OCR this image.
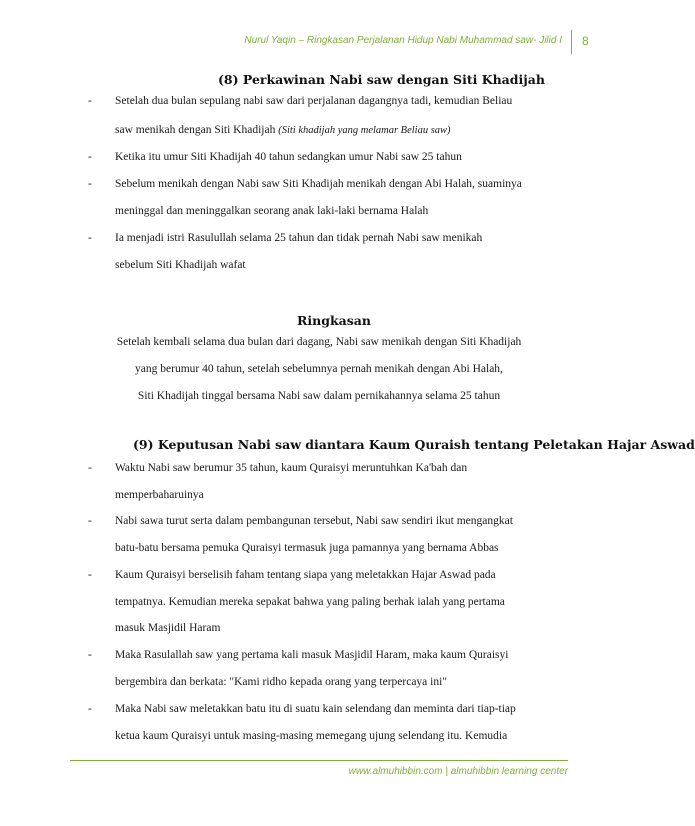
Nurul Yaqin – Ringkasan Perjalanan Hidup Nabi Muhammad saw- Jilid I 8
(8) Perkawinan Nabi saw dengan Siti Khadijah
- Setelah dua bulan sepulang nabi saw dari perjalanan dagangnya tadi, kemudian Beliau
saw menikah dengan Siti Khadijah (Siti khadijah yang melamar Beliau saw)
- Ketika itu umur Siti Khadijah 40 tahun sedangkan umur Nabi saw 25 tahun
- Sebelum menikah dengan Nabi saw Siti Khadijah menikah dengan Abi Halah, suaminya
meninggal dan meninggalkan seorang anak laki-laki bernama Halah
- Ia menjadi istri Rasulullah selama 25 tahun dan tidak pernah Nabi saw menikah
sebelum Siti Khadijah wafat
Ringkasan
Setelah kembali selama dua bulan dari dagang, Nabi saw menikah dengan Siti Khadijah
yang berumur 40 tahun, setelah sebelumnya pernah menikah dengan Abi Halah,
Siti Khadijah tinggal bersama Nabi saw dalam pernikahannya selama 25 tahun
(9) Keputusan Nabi saw diantara Kaum Quraish tentang Peletakan Hajar Aswad
- Waktu Nabi saw berumur 35 tahun, kaum Quraisyi meruntuhkan Ka'bah dan
memperbaharuinya
- Nabi sawa turut serta dalam pembangunan tersebut, Nabi saw sendiri ikut mengangkat
batu-batu bersama pemuka Quraisyi termasuk juga pamannya yang bernama Abbas
- Kaum Quraisyi berselisih faham tentang siapa yang meletakkan Hajar Aswad pada
tempatnya. Kemudian mereka sepakat bahwa yang paling berhak ialah yang pertama
masuk Masjidil Haram
- Maka Rasulallah saw yang pertama kali masuk Masjidil Haram, maka kaum Quraisyi
bergembira dan berkata: "Kami ridho kepada orang yang terpercaya ini"
- Maka Nabi saw meletakkan batu itu di suatu kain selendang dan meminta dari tiap-tiap
ketua kaum Quraisyi untuk masing-masing memegang ujung selendang itu. Kemudia
www.almuhibbin.com | almuhibbin learning center
